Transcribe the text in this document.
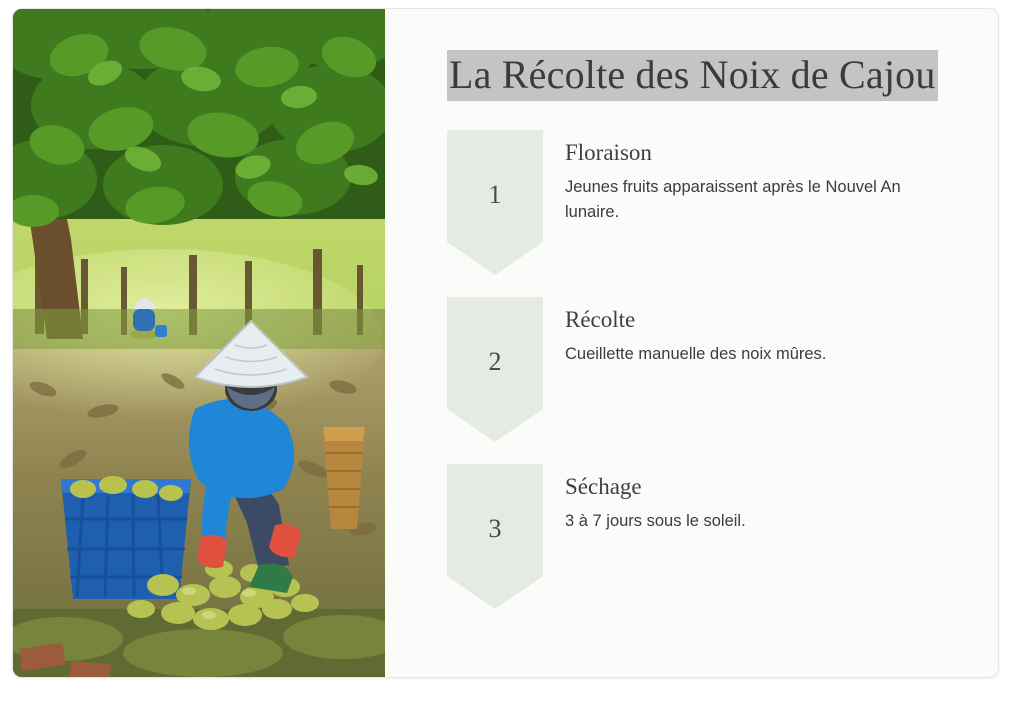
La Récolte des Noix de Cajou
1
Floraison

Jeunes fruits apparaissent après le Nouvel An lunaire.

2
Récolte

Cueillette manuelle des noix mûres.

3
Séchage

3 à 7 jours sous le soleil.
